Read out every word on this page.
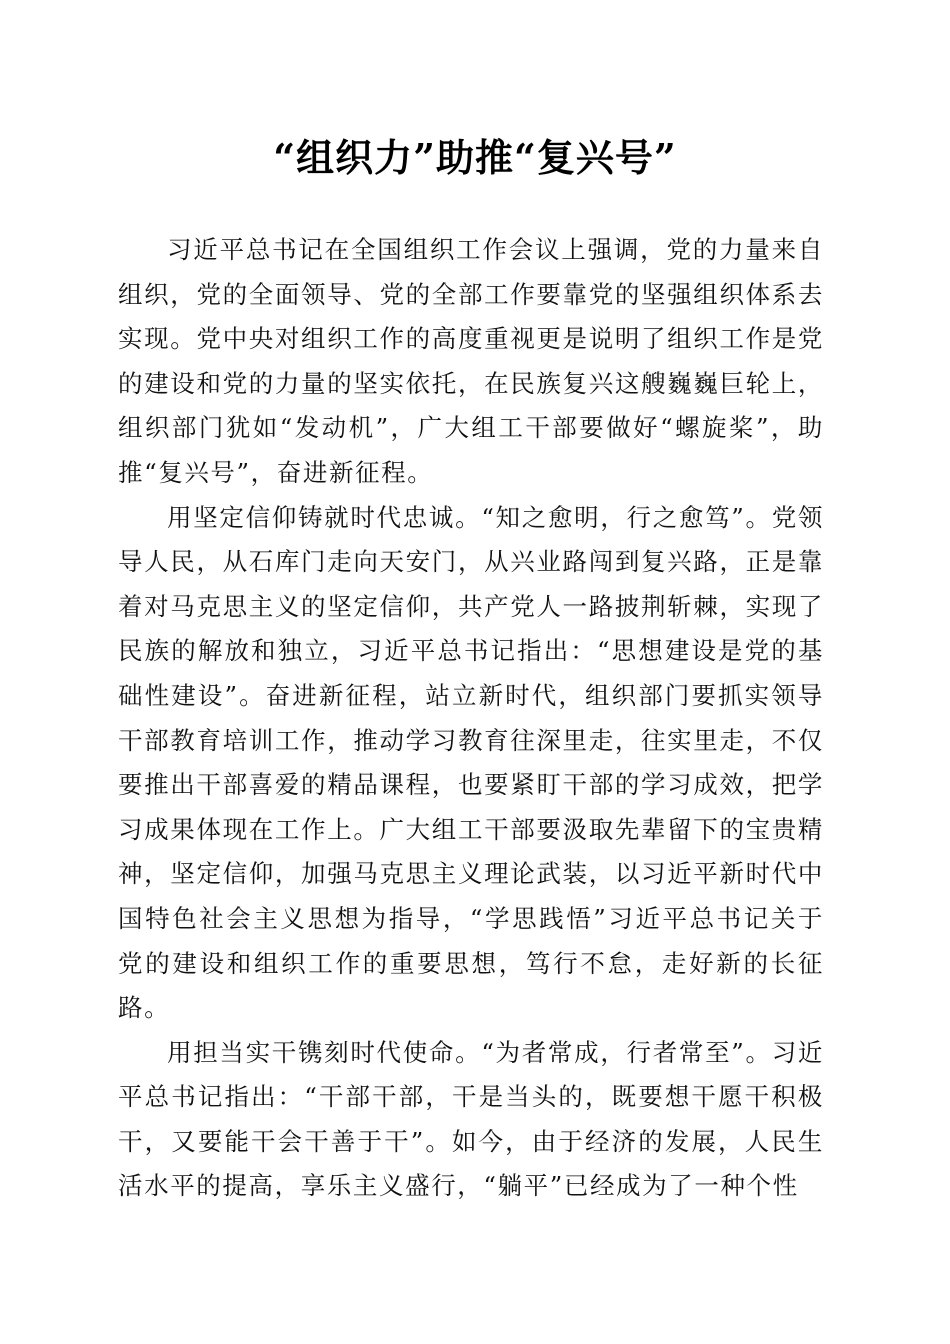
“组织力”助推“复兴号”

习近平总书记在全国组织工作会议上强调，党的力量来自组织，党的全面领导、党的全部工作要靠党的坚强组织体系去实现。党中央对组织工作的高度重视更是说明了组织工作是党的建设和党的力量的坚实依托，在民族复兴这艘巍巍巨轮上，组织部门犹如“发动机”，广大组工干部要做好“螺旋桨”，助推“复兴号”，奋进新征程。

用坚定信仰铸就时代忠诚。“知之愈明，行之愈笃”。党领导人民，从石库门走向天安门，从兴业路闯到复兴路，正是靠着对马克思主义的坚定信仰，共产党人一路披荆斩棘，实现了民族的解放和独立，习近平总书记指出：“思想建设是党的基础性建设”。奋进新征程，站立新时代，组织部门要抓实领导干部教育培训工作，推动学习教育往深里走，往实里走，不仅要推出干部喜爱的精品课程，也要紧盯干部的学习成效，把学习成果体现在工作上。广大组工干部要汲取先辈留下的宝贵精神，坚定信仰，加强马克思主义理论武装，以习近平新时代中国特色社会主义思想为指导，“学思践悟”习近平总书记关于党的建设和组织工作的重要思想，笃行不怠，走好新的长征路。

用担当实干镌刻时代使命。“为者常成，行者常至”。习近平总书记指出：“干部干部，干是当头的，既要想干愿干积极干，又要能干会干善于干”。如今，由于经济的发展，人民生活水平的提高，享乐主义盛行，“躺平”已经成为了一种个性
